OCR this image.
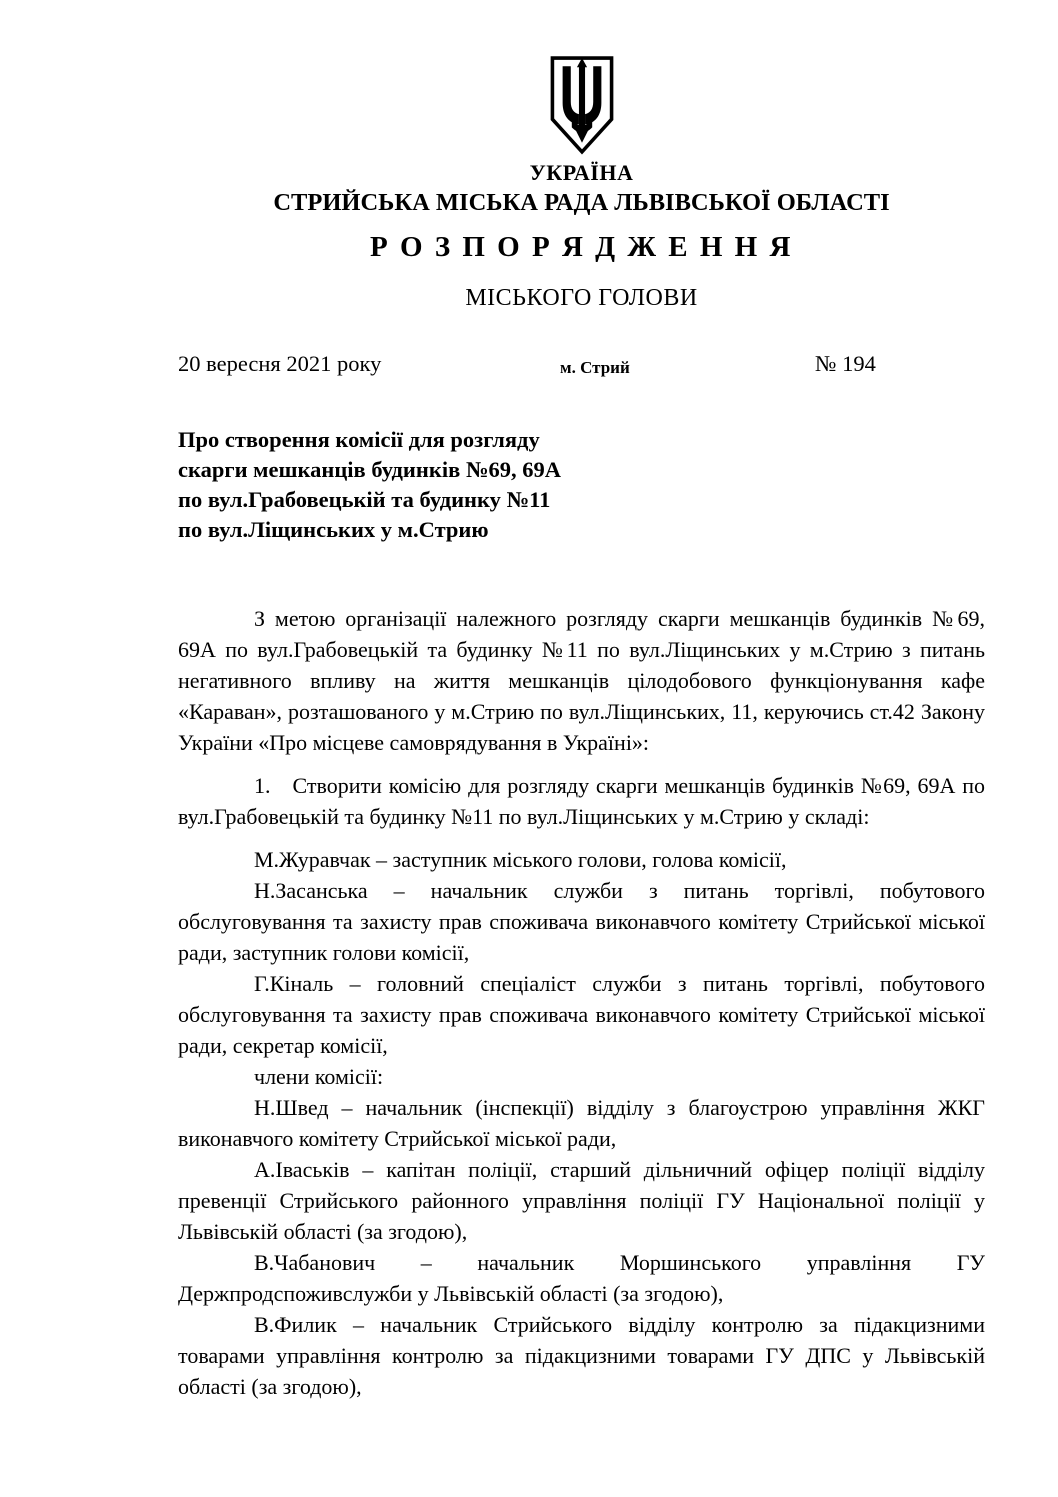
УКРАЇНА
СТРИЙСЬКА МІСЬКА РАДА ЛЬВІВСЬКОЇ ОБЛАСТІ
Р О З П О Р Я Д Ж Е Н Н Я
МІСЬКОГО ГОЛОВИ
20 вересня 2021 року	м. Стрий	№ 194
Про створення комісії для розгляду
скарги мешканців будинків №69, 69А
по вул.Грабовецькій та будинку №11
по вул.Ліщинських у м.Стрию

З метою організації належного розгляду скарги мешканців будинків №69, 69А по вул.Грабовецькій та будинку №11 по вул.Ліщинських у м.Стрию з питань негативного впливу на життя мешканців цілодобового функціонування кафе «Караван», розташованого у м.Стрию по вул.Ліщинських, 11, керуючись ст.42 Закону України «Про місцеве самоврядування в Україні»:

1. Створити комісію для розгляду скарги мешканців будинків №69, 69А по вул.Грабовецькій та будинку №11 по вул.Ліщинських у м.Стрию у складі:

М.Журавчак – заступник міського голови, голова комісії,

Н.Засанська – начальник служби з питань торгівлі, побутового обслуговування та захисту прав споживача виконавчого комітету Стрийської міської ради, заступник голови комісії,

Г.Кіналь – головний спеціаліст служби з питань торгівлі, побутового обслуговування та захисту прав споживача виконавчого комітету Стрийської міської ради, секретар комісії,

члени комісії:

Н.Швед – начальник (інспекції) відділу з благоустрою управління ЖКГ виконавчого комітету Стрийської міської ради,

А.Іваськів – капітан поліції, старший дільничний офіцер поліції відділу превенції Стрийського районного управління поліції ГУ Національної поліції у Львівській області (за згодою),

В.Чабанович – начальник Моршинського управління ГУ Держпродспоживслужби у Львівській області (за згодою),

В.Филик – начальник Стрийського відділу контролю за підакцизними товарами управління контролю за підакцизними товарами ГУ ДПС у Львівській області (за згодою),
